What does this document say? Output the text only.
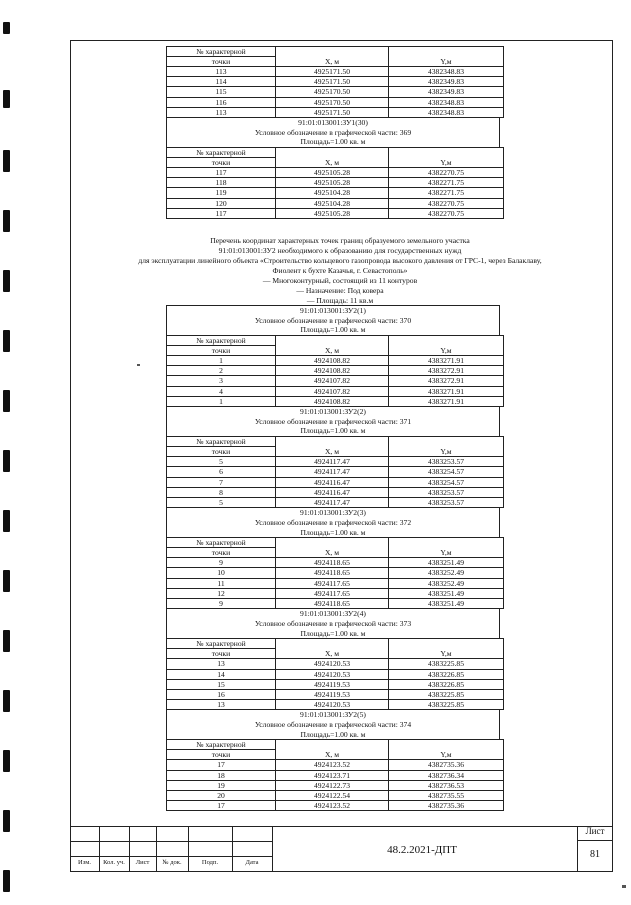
№ характерной	X, м	Y,м
точки		
113	4925171.50	4382348.83
114	4925171.50	4382349.83
115	4925170.50	4382349.83
116	4925170.50	4382348.83
113	4925171.50	4382348.83
91:01:013001:ЗУ1(30)
Условное обозначение в графической части: 369
Площадь=1.00 кв. м
№ характерной	X, м	Y,м
точки		
117	4925105.28	4382270.75
118	4925105.28	4382271.75
119	4925104.28	4382271.75
120	4925104.28	4382270.75
117	4925105.28	4382270.75
Перечень координат характерных точек границ образуемого земельного участка
91:01:013001:ЗУ2 необходимого к образованию для государственных нужд
для эксплуатации линейного объекта «Строительство кольцевого газопровода высокого давления от ГРС-1, через Балаклаву,
Фиолент к бухте Казачья, г. Севастополь»
— Многоконтурный, состоящий из 11 контуров
— Назначение: Под коверa
— Площадь: 11 кв.м
91:01:013001:ЗУ2(1)
Условное обозначение в графической части: 370
Площадь=1.00 кв. м
№ характерной	X, м	Y,м
точки		
1	4924108.82	4383271.91
2	4924108.82	4383272.91
3	4924107.82	4383272.91
4	4924107.82	4383271.91
1	4924108.82	4383271.91
91:01:013001:ЗУ2(2)
Условное обозначение в графической части: 371
Площадь=1.00 кв. м
№ характерной	X, м	Y,м
точки		
5	4924117.47	4383253.57
6	4924117.47	4383254.57
7	4924116.47	4383254.57
8	4924116.47	4383253.57
5	4924117.47	4383253.57
91:01:013001:ЗУ2(3)
Условное обозначение в графической части: 372
Площадь=1.00 кв. м
№ характерной	X, м	Y,м
точки		
9	4924118.65	4383251.49
10	4924118.65	4383252.49
11	4924117.65	4383252.49
12	4924117.65	4383251.49
9	4924118.65	4383251.49
91:01:013001:ЗУ2(4)
Условное обозначение в графической части: 373
Площадь=1.00 кв. м
№ характерной	X, м	Y,м
точки		
13	4924120.53	4383225.85
14	4924120.53	4383226.85
15	4924119.53	4383226.85
16	4924119.53	4383225.85
13	4924120.53	4383225.85
91:01:013001:ЗУ2(5)
Условное обозначение в графической части: 374
Площадь=1.00 кв. м
№ характерной	X, м	Y,м
точки		
17	4924123.52	4382735.36
18	4924123.71	4382736.34
19	4924122.73	4382736.53
20	4924122.54	4382735.55
17	4924123.52	4382735.36
Изм.	Кол. уч.	Лист	№ док.	Подп.	Дата
48.2.2021-ДПТ
Лист
81
